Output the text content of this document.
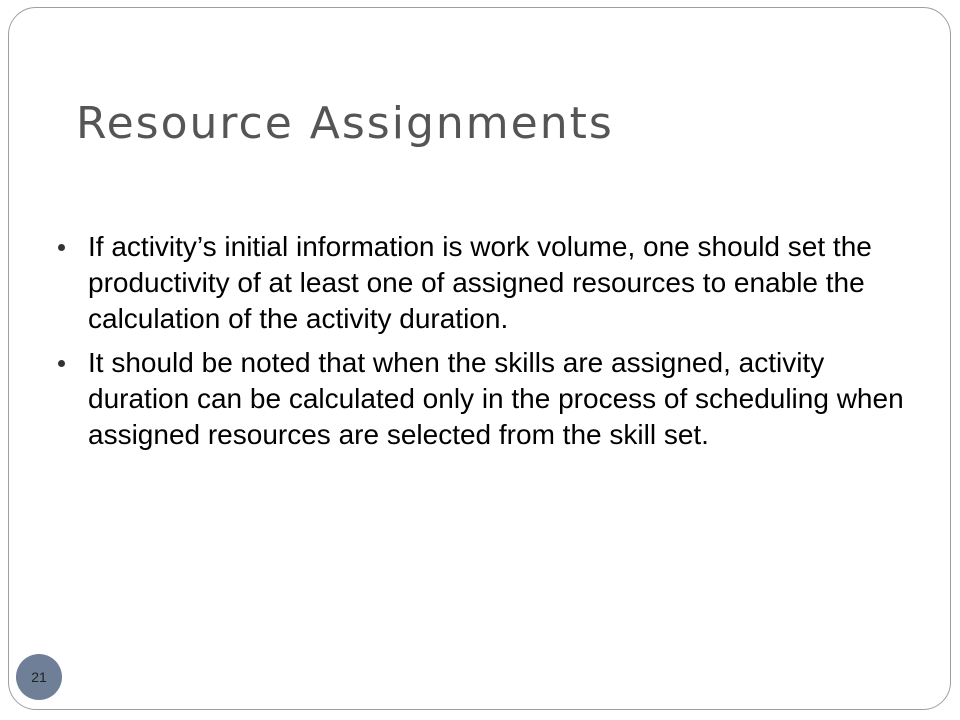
Resource Assignments
If activity’s initial information is work volume, one should set the productivity of at least one of assigned resources to enable the calculation of the activity duration.
It should be noted that when the skills are assigned, activity duration can be calculated only in the process of scheduling when assigned resources are selected from the skill set.
21
